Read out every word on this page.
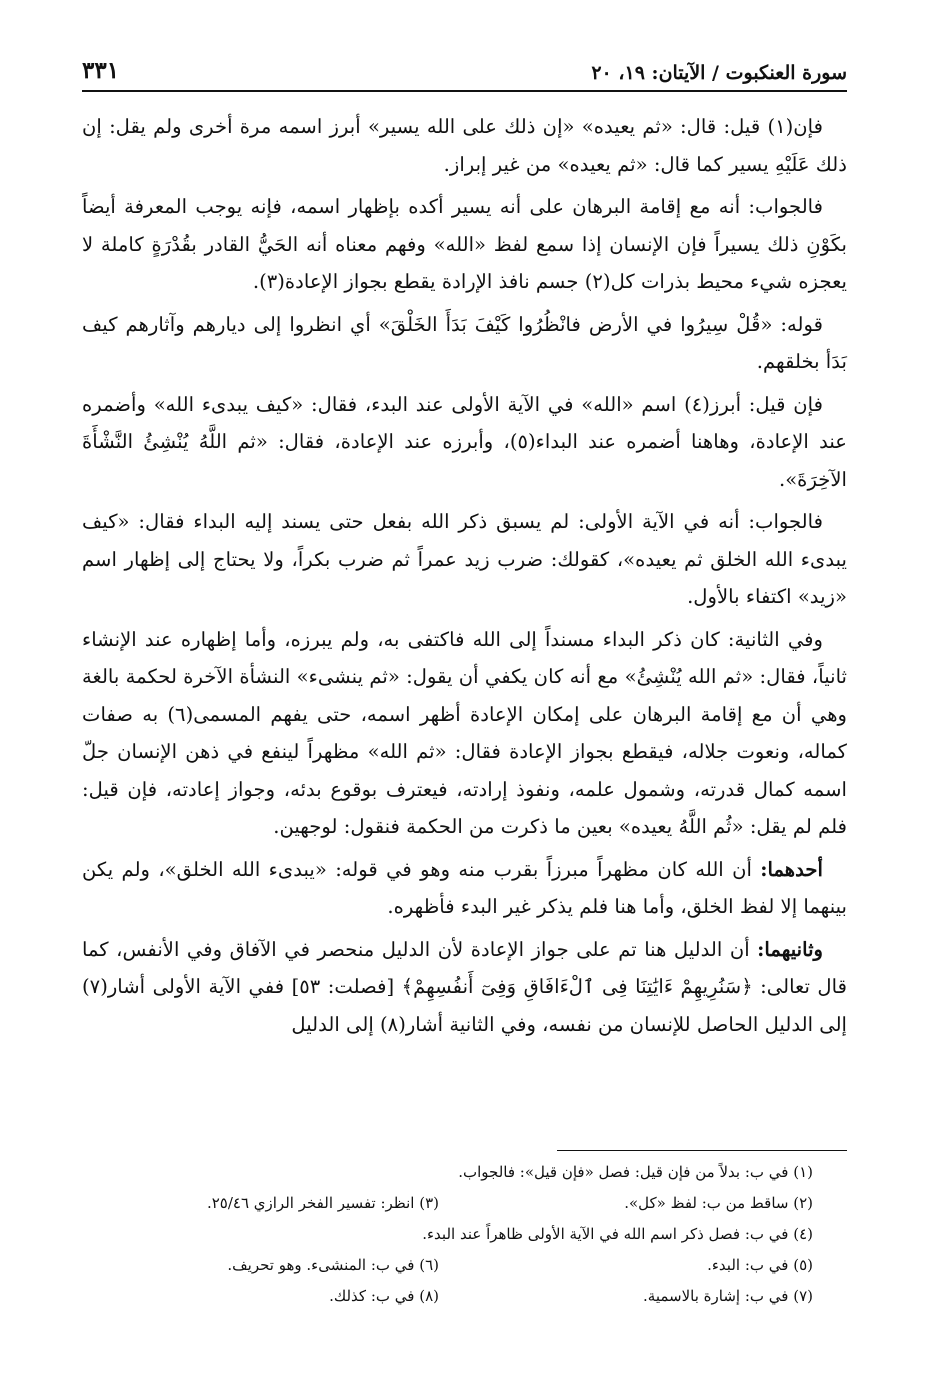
سورة العنكبوت / الآيتان: ١٩، ٢٠
٣٣١

فإن(١) قيل: قال: «ثم يعيده» «إن ذلك على الله يسير» أبرز اسمه مرة أخرى ولم يقل: إن ذلك عَلَيْهِ يسير كما قال: «ثم يعيده» من غير إبراز.

فالجواب: أنه مع إقامة البرهان على أنه يسير أكده بإظهار اسمه، فإنه يوجب المعرفة أيضاً بكَوْنِ ذلك يسيراً فإن الإنسان إذا سمع لفظ «الله» وفهم معناه أنه الحَيُّ القادر بقُدْرَةٍ كاملة لا يعجزه شيء محيط بذرات كل(٢) جسم نافذ الإرادة يقطع بجواز الإعادة(٣).

قوله: «قُلْ سِيرُوا في الأرض فانْظُرُوا كَيْفَ بَدَأَ الخَلْقَ» أي انظروا إلى ديارهم وآثارهم كيف بَدَأ بخلقهم.

فإن قيل: أبرز(٤) اسم «الله» في الآية الأولى عند البدء، فقال: «كيف يبدىء الله» وأضمره عند الإعادة، وهاهنا أضمره عند البداء(٥)، وأبرزه عند الإعادة، فقال: «ثم اللَّهُ يُنْشِئُ النَّشْأَةَ الآخِرَةَ».

فالجواب: أنه في الآية الأولى: لم يسبق ذكر الله بفعل حتى يسند إليه البداء فقال: «كيف يبدىء الله الخلق ثم يعيده»، كقولك: ضرب زيد عمراً ثم ضرب بكراً، ولا يحتاج إلى إظهار اسم «زيد» اكتفاء بالأول.

وفي الثانية: كان ذكر البداء مسنداً إلى الله فاكتفى به، ولم يبرزه، وأما إظهاره عند الإنشاء ثانياً، فقال: «ثم الله يُنْشِئُ» مع أنه كان يكفي أن يقول: «ثم ينشىء» النشأة الآخرة لحكمة بالغة وهي أن مع إقامة البرهان على إمكان الإعادة أظهر اسمه، حتى يفهم المسمى(٦) به صفات كماله، ونعوت جلاله، فيقطع بجواز الإعادة فقال: «ثم الله» مظهراً لينفع في ذهن الإنسان جلّ اسمه كمال قدرته، وشمول علمه، ونفوذ إرادته، فيعترف بوقوع بدئه، وجواز إعادته، فإن قيل: فلم لم يقل: «ثُم اللَّهُ يعيده» بعين ما ذكرت من الحكمة فنقول: لوجهين.

أحدهما: أن الله كان مظهراً مبرزاً بقرب منه وهو في قوله: «يبدىء الله الخلق»، ولم يكن بينهما إلا لفظ الخلق، وأما هنا فلم يذكر غير البدء فأظهره.

وثانيهما: أن الدليل هنا تم على جواز الإعادة لأن الدليل منحصر في الآفاق وفي الأنفس، كما قال تعالى: ﴿سَنُرِيهِمْ ءَايَٰتِنَا فِى ٱلْءَافَاقِ وَفِىٓ أَنفُسِهِمْ﴾ [فصلت: ٥٣] ففي الآية الأولى أشار(٧) إلى الدليل الحاصل للإنسان من نفسه، وفي الثانية أشار(٨) إلى الدليل

(١) في ب: بدلاً من فإن قيل: فصل «فإن قيل»: فالجواب.
(٢) ساقط من ب: لفظ «كل».
(٣) انظر: تفسير الفخر الرازي ٢٥/٤٦.
(٤) في ب: فصل ذكر اسم الله في الآية الأولى ظاهراً عند البدء.
(٥) في ب: البدء.
(٦) في ب: المنشىء. وهو تحريف.
(٧) في ب: إشارة بالاسمية.
(٨) في ب: كذلك.
